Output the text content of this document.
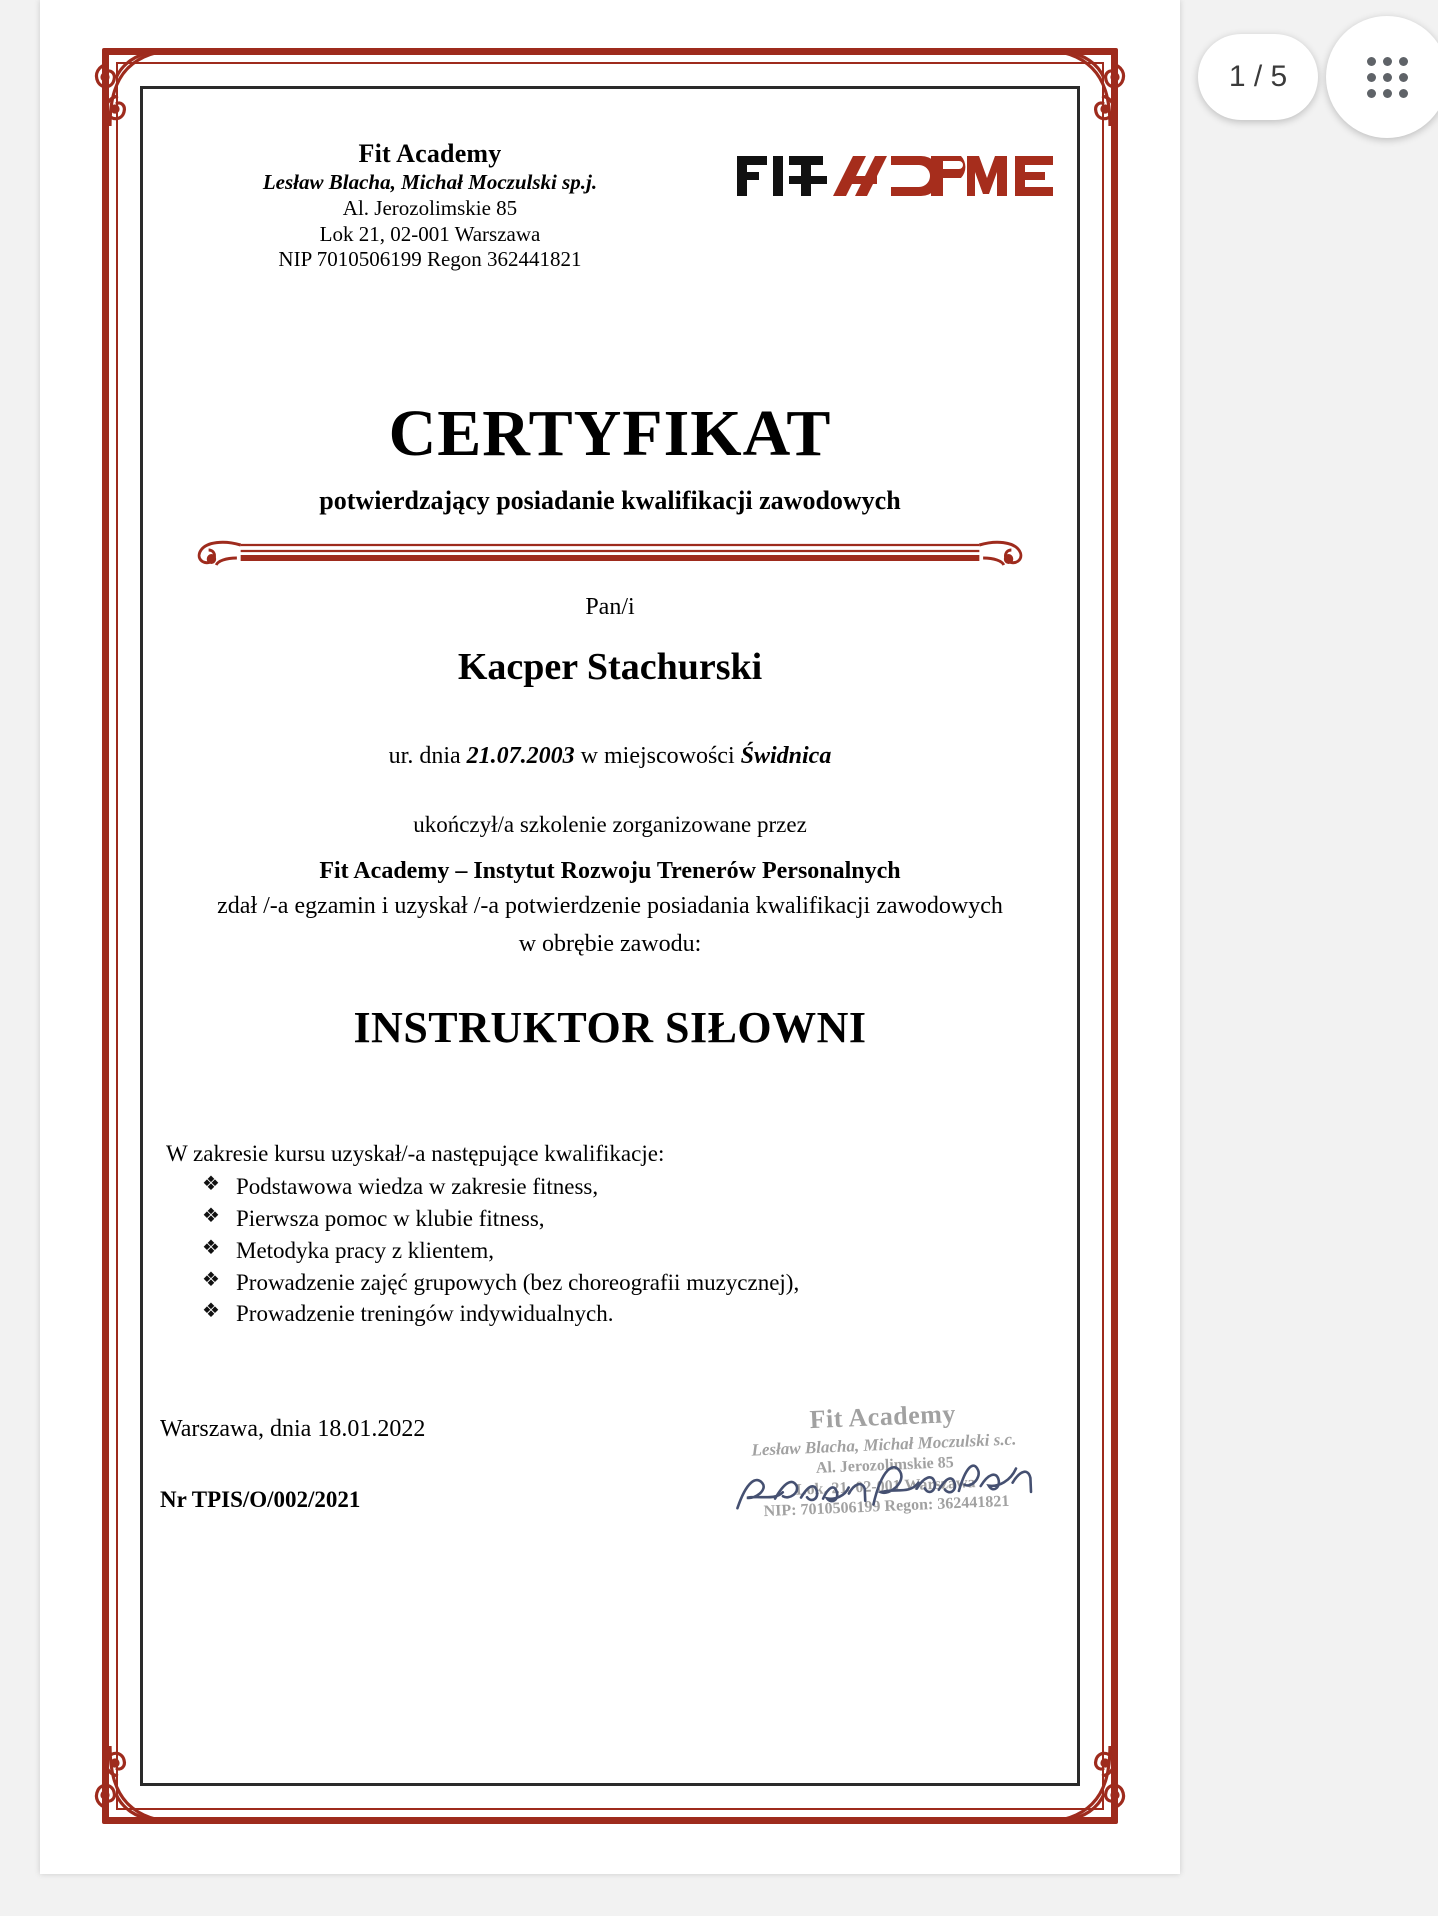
Fit Academy
Lesław Blacha, Michał Moczulski sp.j.
Al. Jerozolimskie 85
Lok 21, 02-001 Warszawa
NIP 7010506199 Regon 362441821
CERTYFIKAT
potwierdzający posiadanie kwalifikacji zawodowych
Pan/i
Kacper Stachurski
ur. dnia 21.07.2003 w miejscowości Świdnica
ukończył/a szkolenie zorganizowane przez
Fit Academy – Instytut Rozwoju Trenerów Personalnych
zdał /-a egzamin i uzyskał /-a potwierdzenie posiadania kwalifikacji zawodowych
w obrębie zawodu:
INSTRUKTOR SIŁOWNI
W zakresie kursu uzyskał/-a następujące kwalifikacje:
❖ Podstawowa wiedza w zakresie fitness,
❖ Pierwsza pomoc w klubie fitness,
❖ Metodyka pracy z klientem,
❖ Prowadzenie zajęć grupowych (bez choreografii muzycznej),
❖ Prowadzenie treningów indywidualnych.
Warszawa, dnia 18.01.2022
Nr TPIS/O/002/2021
Fit Academy
Lesław Blacha, Michał Moczulski s.c.
Al. Jerozolimskie 85
Lok. 21, 02-001 Warszawa
NIP: 7010506199 Regon: 362441821
1 / 5
